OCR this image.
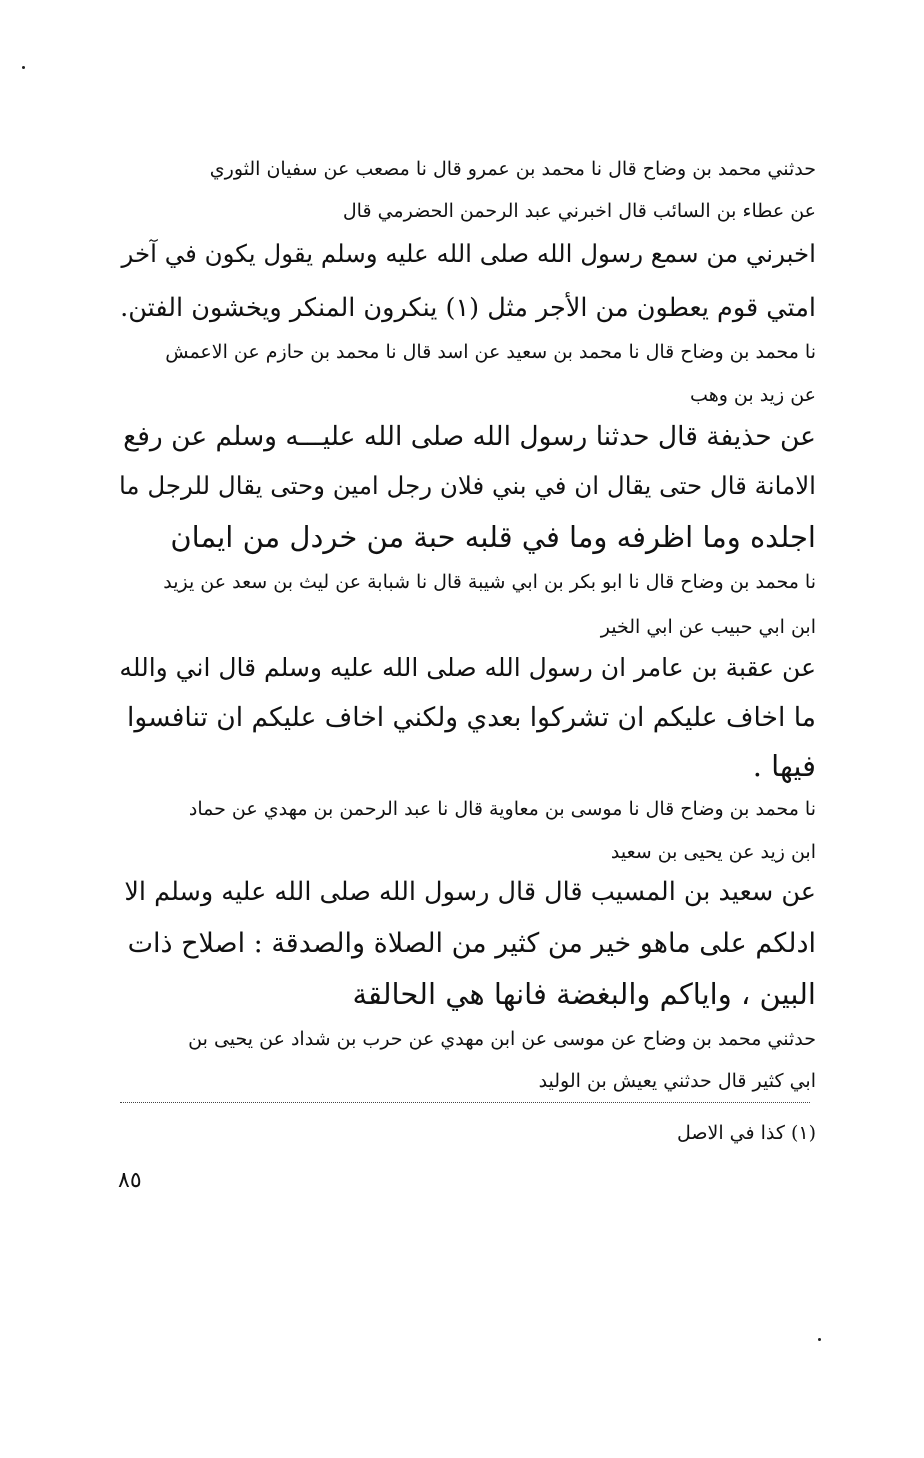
حدثني محمد بن وضاح قال نا محمد بن عمرو قال نا مصعب عن سفيان الثوري
عن عطاء بن السائب قال اخبرني عبد الرحمن الحضرمي قال
اخبرني من سمع رسول الله صلى الله عليه وسلم يقول يكون في آخر
امتي قوم يعطون من الأجر مثل (١) ينكرون المنكر ويخشون الفتن.
نا محمد بن وضاح قال نا محمد بن سعيد عن اسد قال نا محمد بن حازم عن الاعمش
عن زيد بن وهب
عن حذيفة قال حدثنا رسول الله صلى الله عليـــه وسلم عن رفع
الامانة قال حتى يقال ان في بني فلان رجل امين وحتى يقال للرجل ما
اجلده وما اظرفه وما في قلبه حبة من خردل من ايمان
نا محمد بن وضاح قال نا ابو بكر بن ابي شيبة قال نا شبابة عن ليث بن سعد عن يزيد
ابن ابي حبيب عن ابي الخير
عن عقبة بن عامر ان رسول الله صلى الله عليه وسلم قال اني والله
ما اخاف عليكم ان تشركوا بعدي ولكني اخاف عليكم ان تنافسوا
فيها .
نا محمد بن وضاح قال نا موسى بن معاوية قال نا عبد الرحمن بن مهدي عن حماد
ابن زيد عن يحيى بن سعيد
عن سعيد بن المسيب قال قال رسول الله صلى الله عليه وسلم الا
ادلكم على ماهو خير من كثير من الصلاة والصدقة : اصلاح ذات
البين ، واياكم والبغضة فانها هي الحالقة
حدثني محمد بن وضاح عن موسى عن ابن مهدي عن حرب بن شداد عن يحيى بن
ابي كثير قال حدثني يعيش بن الوليد
(١) كذا في الاصل
٨٥
